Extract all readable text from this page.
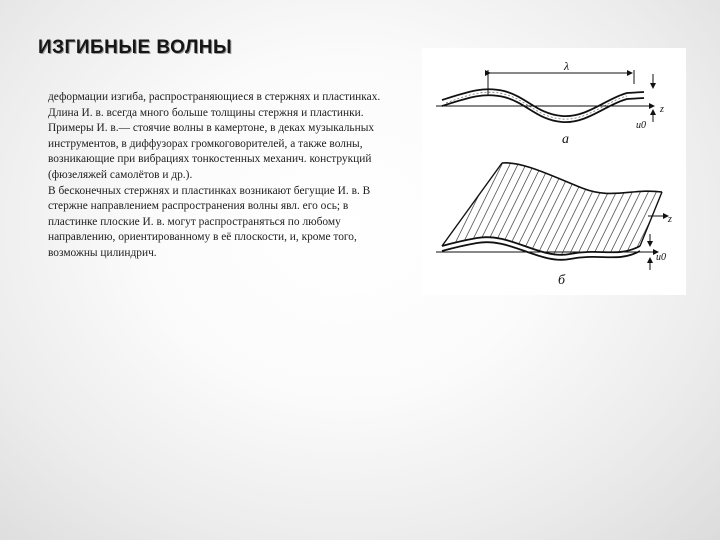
ИЗГИБНЫЕ ВОЛНЫ

деформации изгиба, распространяющиеся в стержнях и пластинках. Длина И. в. всегда много больше толщины стержня и пластинки. Примеры И. в.— стоячие волны в камертоне, в деках музыкальных инструментов, в диффузорах громкоговорителей, а также волны, возникающие при вибрациях тонкостенных механич. конструкций (фюзеляжей самолётов и др.).

В бесконечных стержнях и пластинках возникают бегущие И. в. В стержне направлением распространения волны явл. его ось; в пластинке плоские И. в. могут распространяться по любому направлению, ориентированному в её плоскости, и, кроме того, возможны цилиндрич.

λ
z
u0
а
z
u0
б
